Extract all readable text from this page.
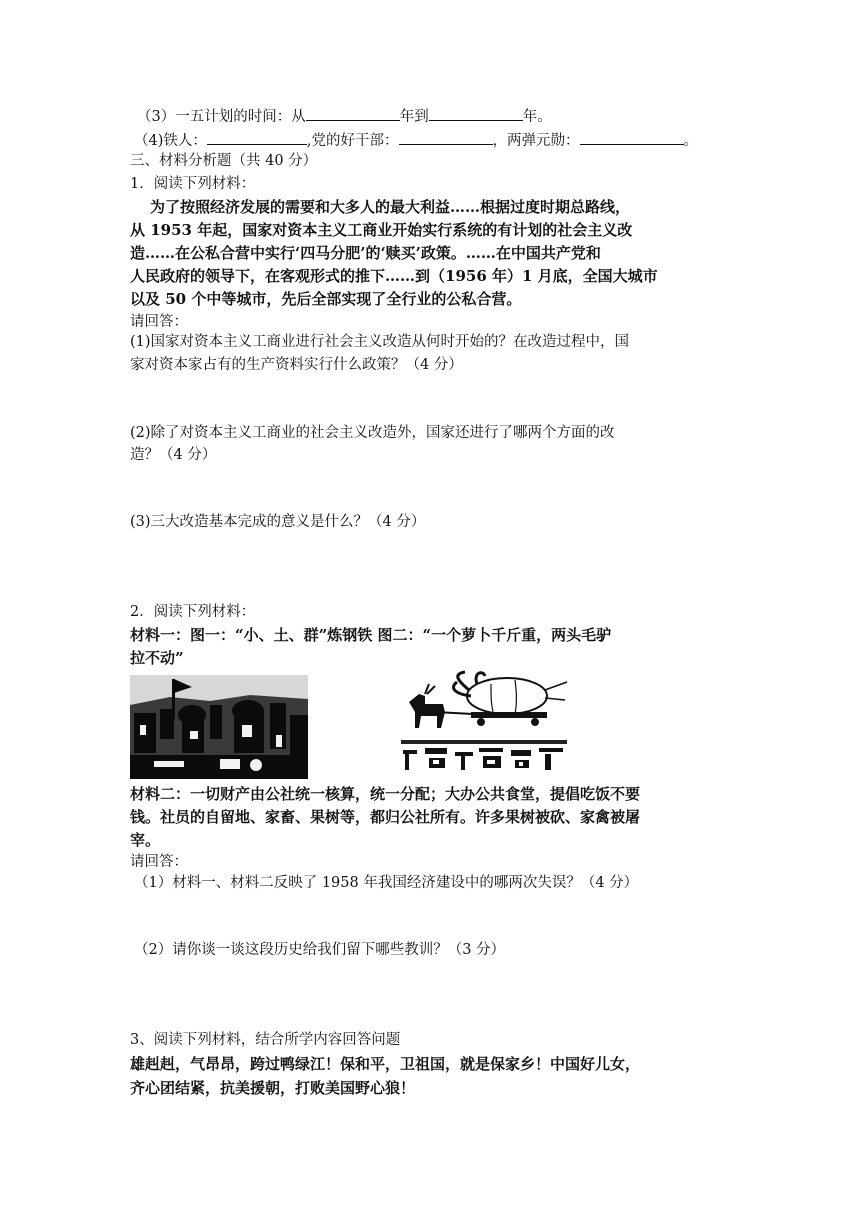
（3）一五计划的时间：从	年到	年。
（4)铁人：	,党的好干部：	，两弹元勋：	。
三、材料分析题（共 40 分）
1．阅读下列材料：
为了按照经济发展的需要和大多人的最大利益……根据过度时期总路线，
从 1953 年起，国家对资本主义工商业开始实行系统的有计划的社会主义改
造……在公私合营中实行‘四马分肥’的‘赎买’政策。……在中国共产党和
人民政府的领导下，在客观形式的推下……到（1956 年）1 月底，全国大城市
以及 50 个中等城市，先后全部实现了全行业的公私合营。
请回答：
(1)国家对资本主义工商业进行社会主义改造从何时开始的？在改造过程中，国
家对资本家占有的生产资料实行什么政策？（4 分）
(2)除了对资本主义工商业的社会主义改造外，国家还进行了哪两个方面的改
造？（4 分）
(3)三大改造基本完成的意义是什么？（4 分）
2．阅读下列材料：
材料一：图一：“小、土、群”炼钢铁 图二：“一个萝卜千斤重，两头毛驴
拉不动”
材料二：一切财产由公社统一核算，统一分配；大办公共食堂，提倡吃饭不要
钱。社员的自留地、家畜、果树等，都归公社所有。许多果树被砍、家禽被屠
宰。
请回答：
（1）材料一、材料二反映了 1958 年我国经济建设中的哪两次失误？（4 分）
（2）请你谈一谈这段历史给我们留下哪些教训？（3 分）
3、阅读下列材料，结合所学内容回答问题
雄赳赳，气昂昂，跨过鸭绿江！保和平，卫祖国，就是保家乡！中国好儿女，
齐心团结紧，抗美援朝，打败美国野心狼！
